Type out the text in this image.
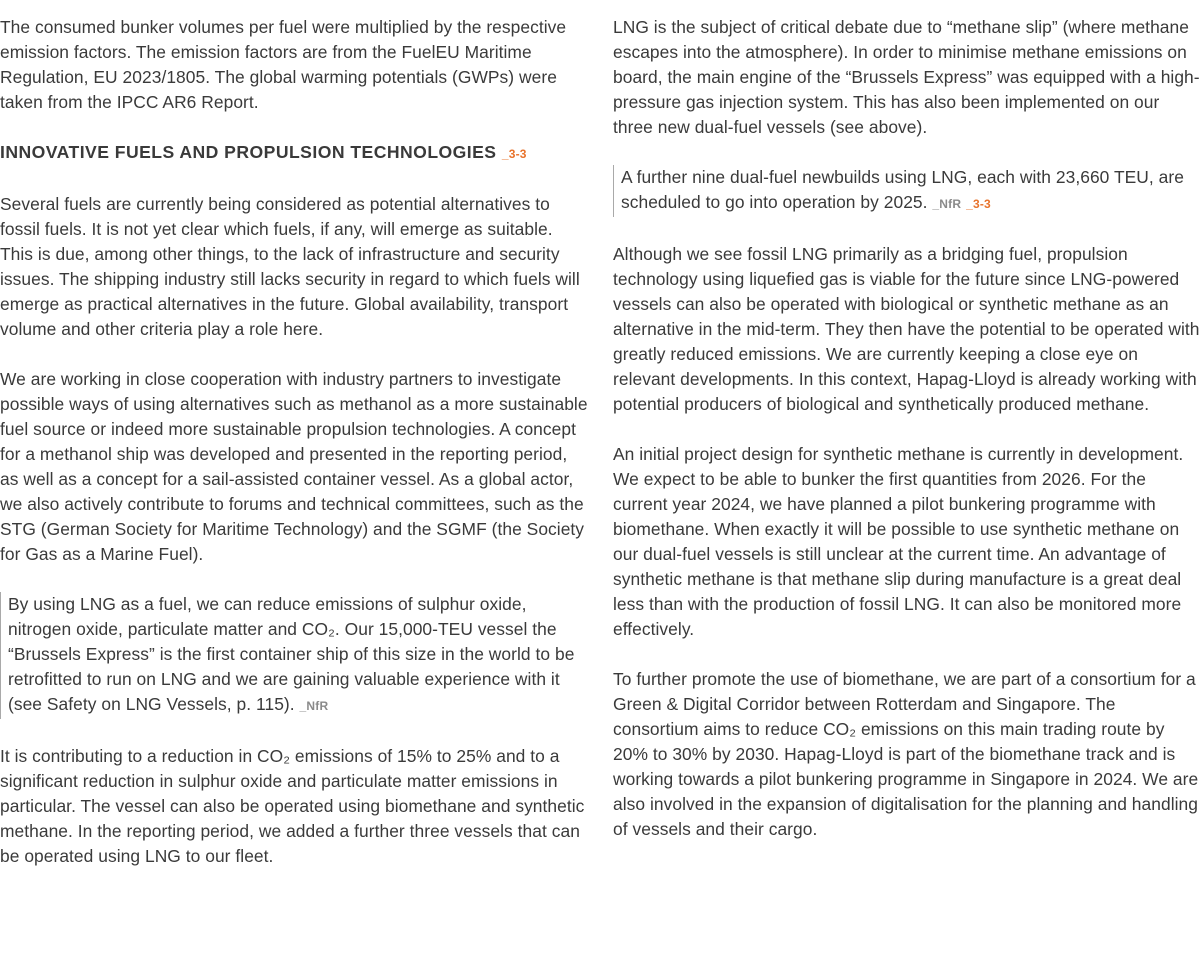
The consumed bunker volumes per fuel were multiplied by the respective emission factors. The emission factors are from the FuelEU Maritime Regulation, EU 2023/1805. The global warming potentials (GWPs) were taken from the IPCC AR6 Report.

INNOVATIVE FUELS AND PROPULSION TECHNOLOGIES _3-3

Several fuels are currently being considered as potential alternatives to fossil fuels. It is not yet clear which fuels, if any, will emerge as suitable. This is due, among other things, to the lack of infrastructure and security issues. The shipping industry still lacks security in regard to which fuels will emerge as practical alternatives in the future. Global availability, transport volume and other criteria play a role here.

We are working in close cooperation with industry partners to investigate possible ways of using alternatives such as methanol as a more sustainable fuel source or indeed more sustainable propulsion technologies. A concept for a methanol ship was developed and presented in the reporting period, as well as a concept for a sail-assisted container vessel. As a global actor, we also actively contribute to forums and technical committees, such as the STG (German Society for Maritime Technology) and the SGMF (the Society for Gas as a Marine Fuel).

By using LNG as a fuel, we can reduce emissions of sulphur oxide, nitrogen oxide, particulate matter and CO₂. Our 15,000-TEU vessel the “Brussels Express” is the first container ship of this size in the world to be retrofitted to run on LNG and we are gaining valuable experience with it (see Safety on LNG Vessels, p. 115). _NfR

It is contributing to a reduction in CO₂ emissions of 15% to 25% and to a significant reduction in sulphur oxide and particulate matter emissions in particular. The vessel can also be operated using biomethane and synthetic methane. In the reporting period, we added a further three vessels that can be operated using LNG to our fleet.

LNG is the subject of critical debate due to “methane slip” (where methane escapes into the atmosphere). In order to minimise methane emissions on board, the main engine of the “Brussels Express” was equipped with a high-pressure gas injection system. This has also been implemented on our three new dual-fuel vessels (see above).

A further nine dual-fuel newbuilds using LNG, each with 23,660 TEU, are scheduled to go into operation by 2025. _NfR _3-3

Although we see fossil LNG primarily as a bridging fuel, propulsion technology using liquefied gas is viable for the future since LNG-powered vessels can also be operated with biological or synthetic methane as an alternative in the mid-term. They then have the potential to be operated with greatly reduced emissions. We are currently keeping a close eye on relevant developments. In this context, Hapag-Lloyd is already working with potential producers of biological and synthetically produced methane.

An initial project design for synthetic methane is currently in development. We expect to be able to bunker the first quantities from 2026. For the current year 2024, we have planned a pilot bunkering programme with biomethane. When exactly it will be possible to use synthetic methane on our dual-fuel vessels is still unclear at the current time. An advantage of synthetic methane is that methane slip during manufacture is a great deal less than with the production of fossil LNG. It can also be monitored more effectively.

To further promote the use of biomethane, we are part of a consortium for a Green & Digital Corridor between Rotterdam and Singapore. The consortium aims to reduce CO₂ emissions on this main trading route by 20% to 30% by 2030. Hapag-Lloyd is part of the biomethane track and is working towards a pilot bunkering programme in Singapore in 2024. We are also involved in the expansion of digitalisation for the planning and handling of vessels and their cargo.
